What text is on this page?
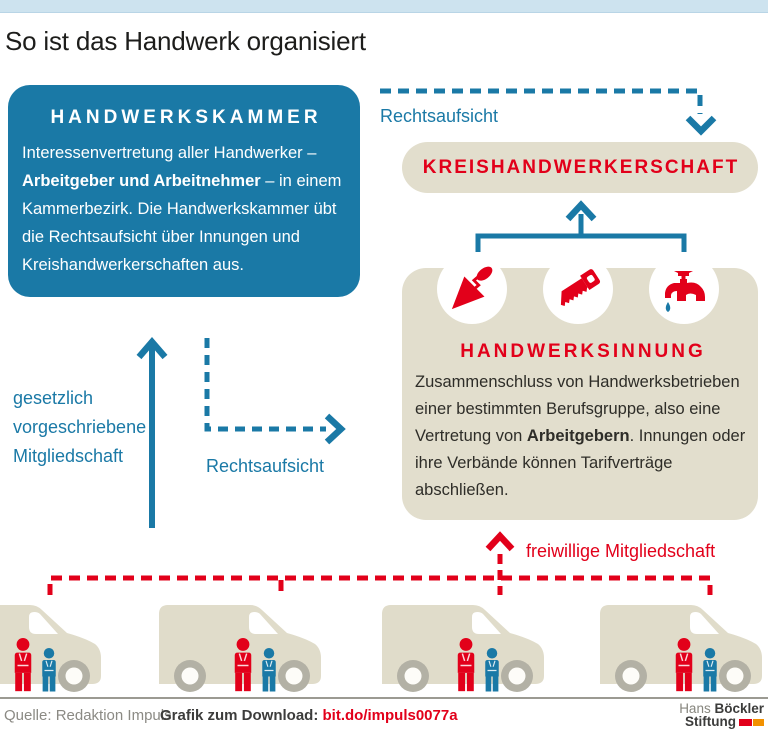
So ist das Handwerk organisiert
HANDWERKSKAMMER
Interessenvertretung aller Handwerker – Arbeitgeber und Arbeitnehmer – in einem Kammerbezirk. Die Handwerkskammer übt die Rechtsaufsicht über Innungen und Kreishandwerkerschaften aus.
KREISHANDWERKERSCHAFT
HANDWERKSINNUNG
Zusammenschluss von Handwerksbetrieben einer bestimmten Berufsgruppe, also eine Vertretung von Arbeitgebern. Innungen oder ihre Verbände können Tarifverträge abschließen.
Rechtsaufsicht
gesetzlich vorgeschriebene Mitgliedschaft	Rechtsaufsicht
freiwillige Mitgliedschaft
Quelle: Redaktion Impuls
Grafik zum Download: bit.do/impuls0077a	Hans Böckler
Stiftung
